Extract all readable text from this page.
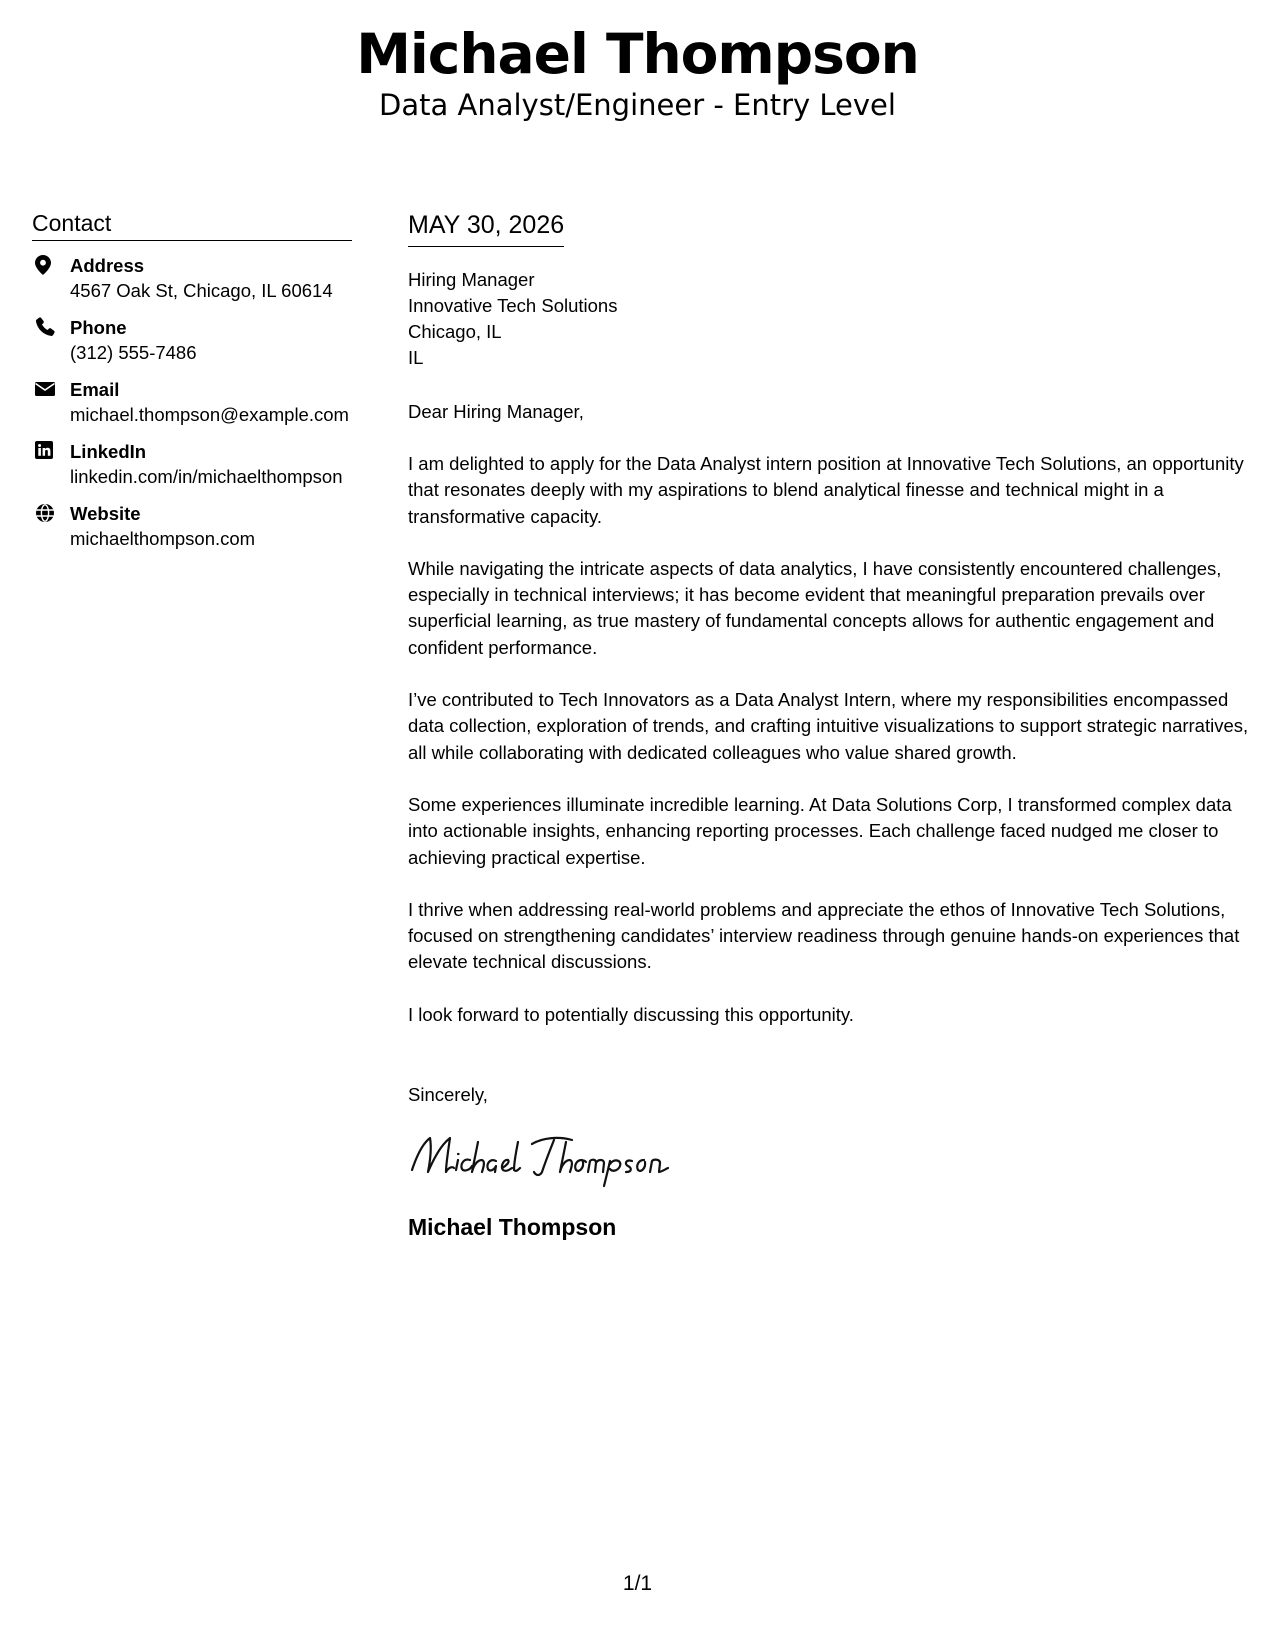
Michael Thompson
Data Analyst/Engineer - Entry Level
Contact
Address
4567 Oak St, Chicago, IL 60614
Phone
(312) 555-7486
Email
michael.thompson@example.com
LinkedIn
linkedin.com/in/michaelthompson
Website
michaelthompson.com
MAY 30, 2026
Hiring Manager
Innovative Tech Solutions
Chicago, IL
IL
Dear Hiring Manager,

I am delighted to apply for the Data Analyst intern position at Innovative Tech Solutions, an opportunity that resonates deeply with my aspirations to blend analytical finesse and technical might in a transformative capacity.

While navigating the intricate aspects of data analytics, I have consistently encountered challenges, especially in technical interviews; it has become evident that meaningful preparation prevails over superficial learning, as true mastery of fundamental concepts allows for authentic engagement and confident performance.

I’ve contributed to Tech Innovators as a Data Analyst Intern, where my responsibilities encompassed data collection, exploration of trends, and crafting intuitive visualizations to support strategic narratives, all while collaborating with dedicated colleagues who value shared growth.

Some experiences illuminate incredible learning. At Data Solutions Corp, I transformed complex data into actionable insights, enhancing reporting processes. Each challenge faced nudged me closer to achieving practical expertise.

I thrive when addressing real-world problems and appreciate the ethos of Innovative Tech Solutions, focused on strengthening candidates’ interview readiness through genuine hands-on experiences that elevate technical discussions.

I look forward to potentially discussing this opportunity.

Sincerely,
Michael Thompson
1/1
